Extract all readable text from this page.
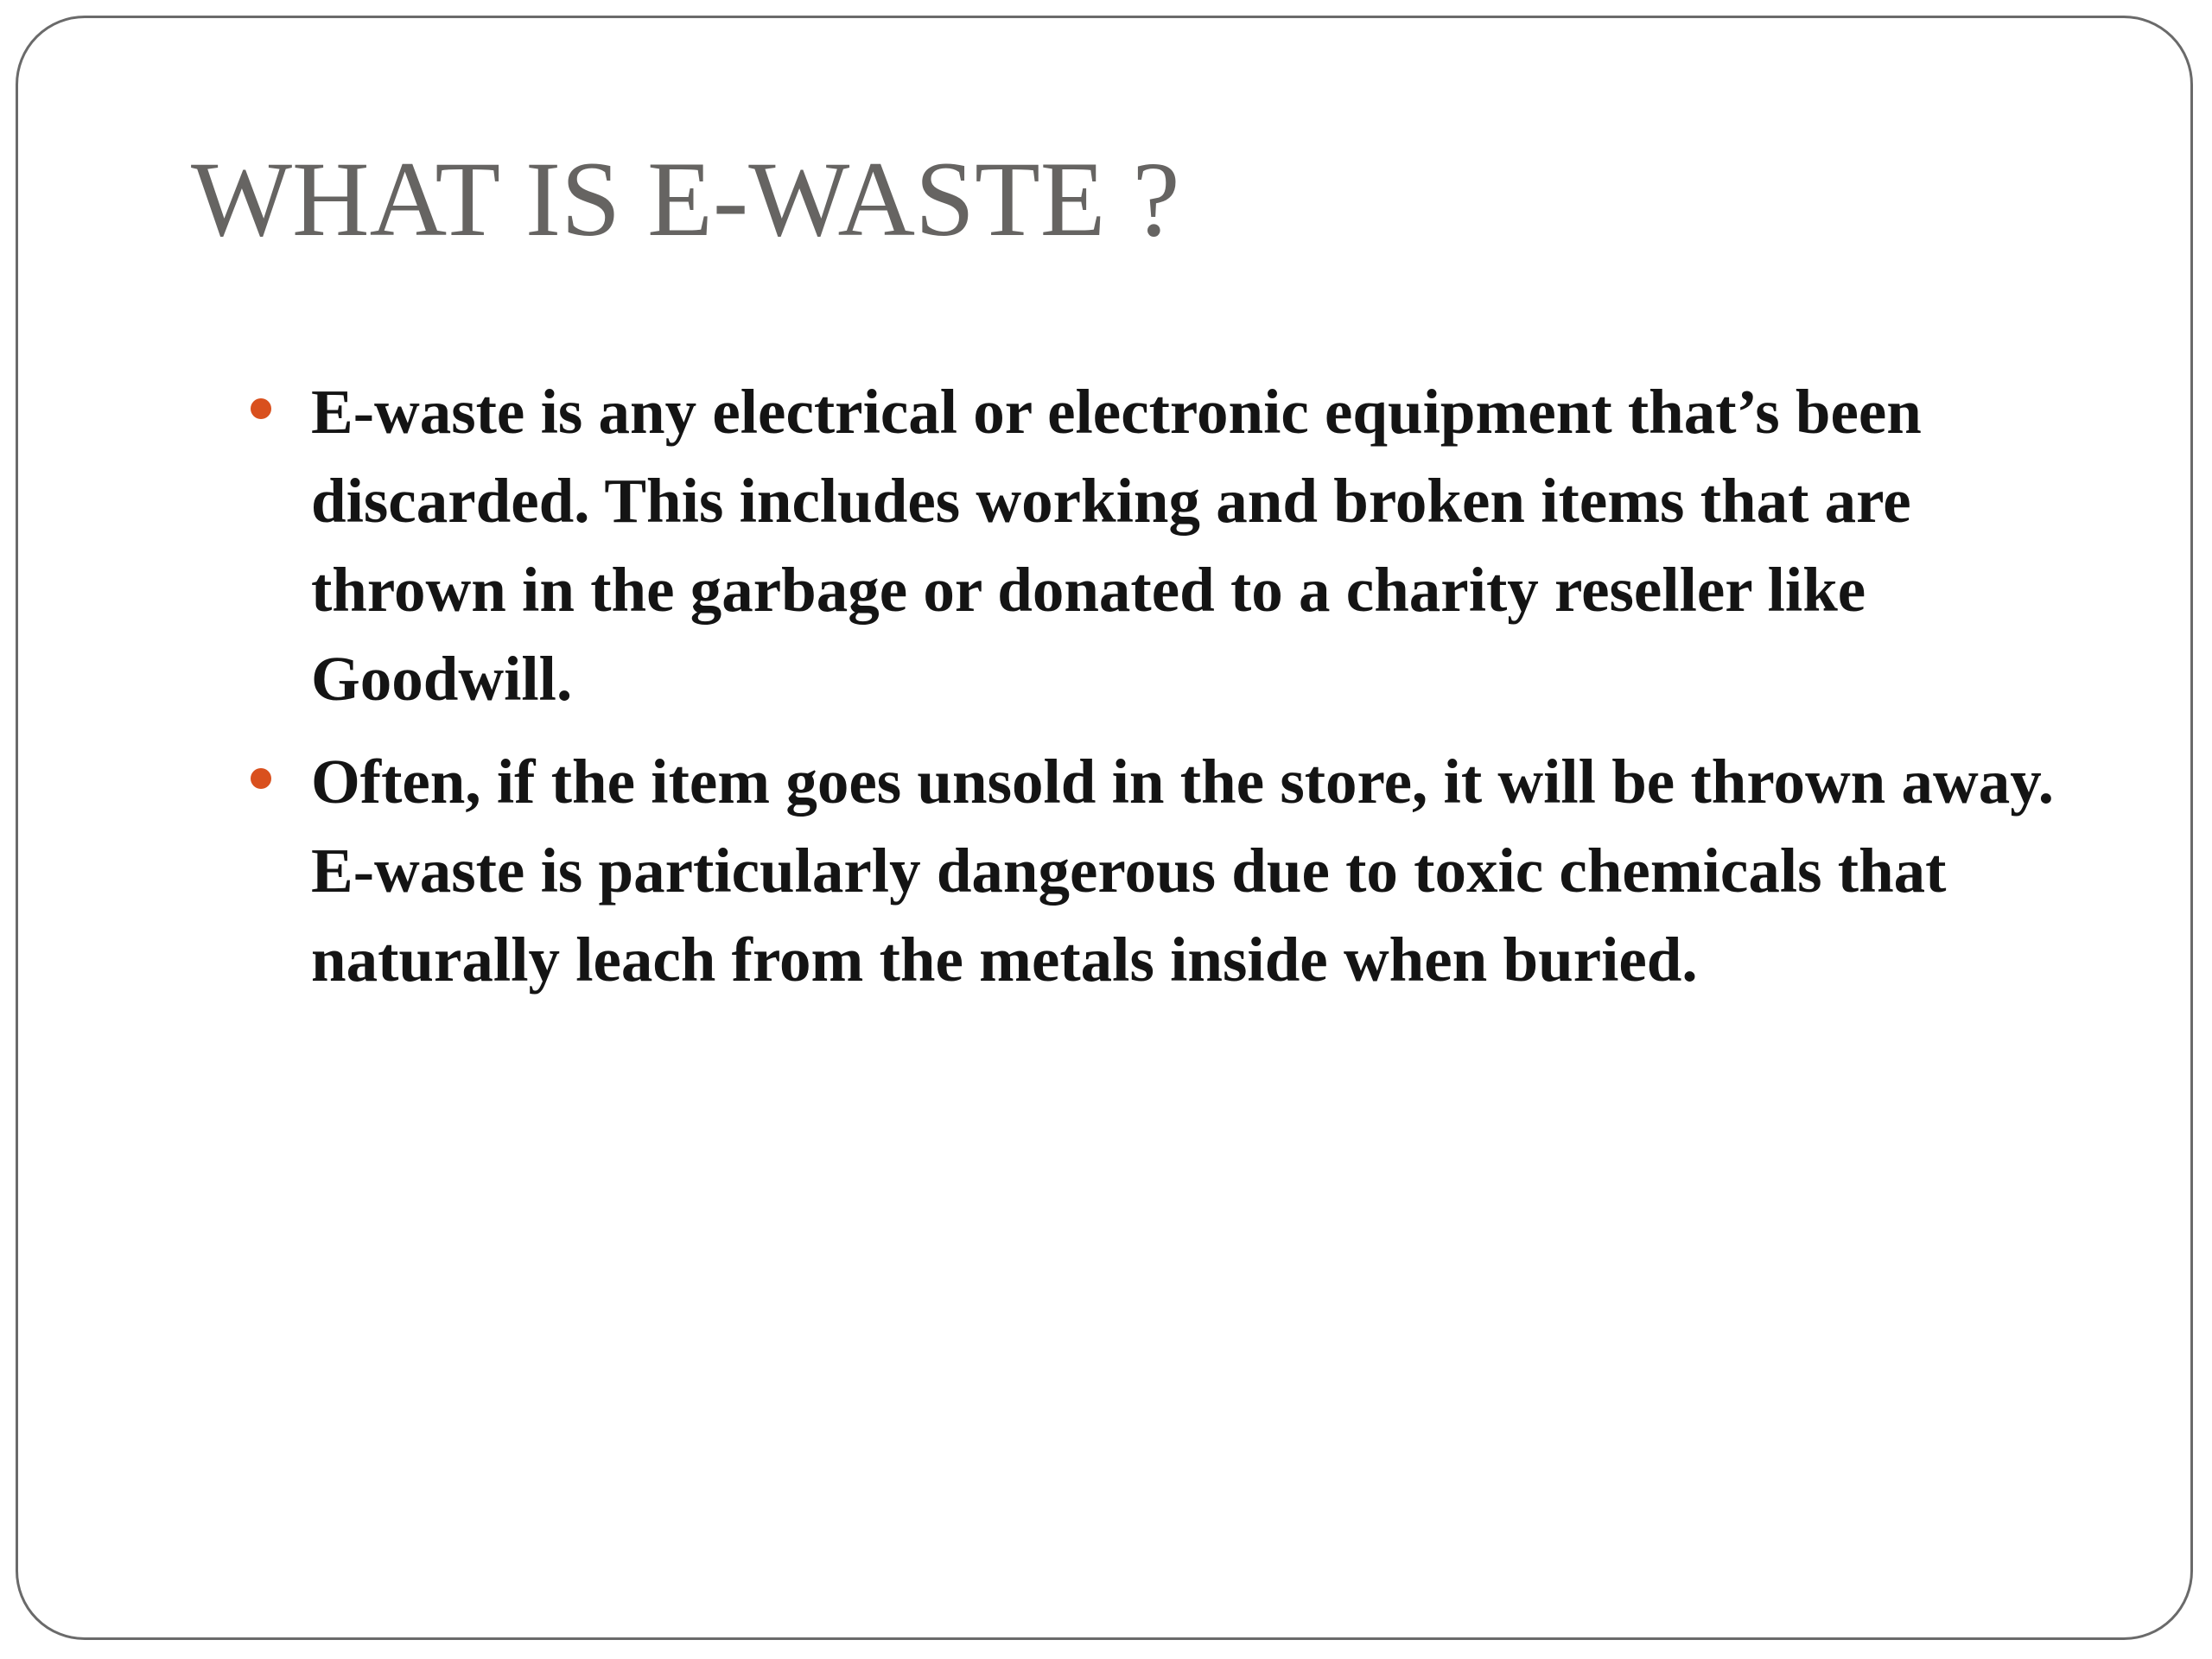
WHAT IS E-WASTE ?
E-waste is any electrical or electronic equipment that’s been discarded. This includes working and broken items that are thrown in the garbage or donated to a charity reseller like Goodwill.
Often, if the item goes unsold in the store, it will be thrown away. E-waste is particularly dangerous due to toxic chemicals that naturally leach from the metals inside when buried.
